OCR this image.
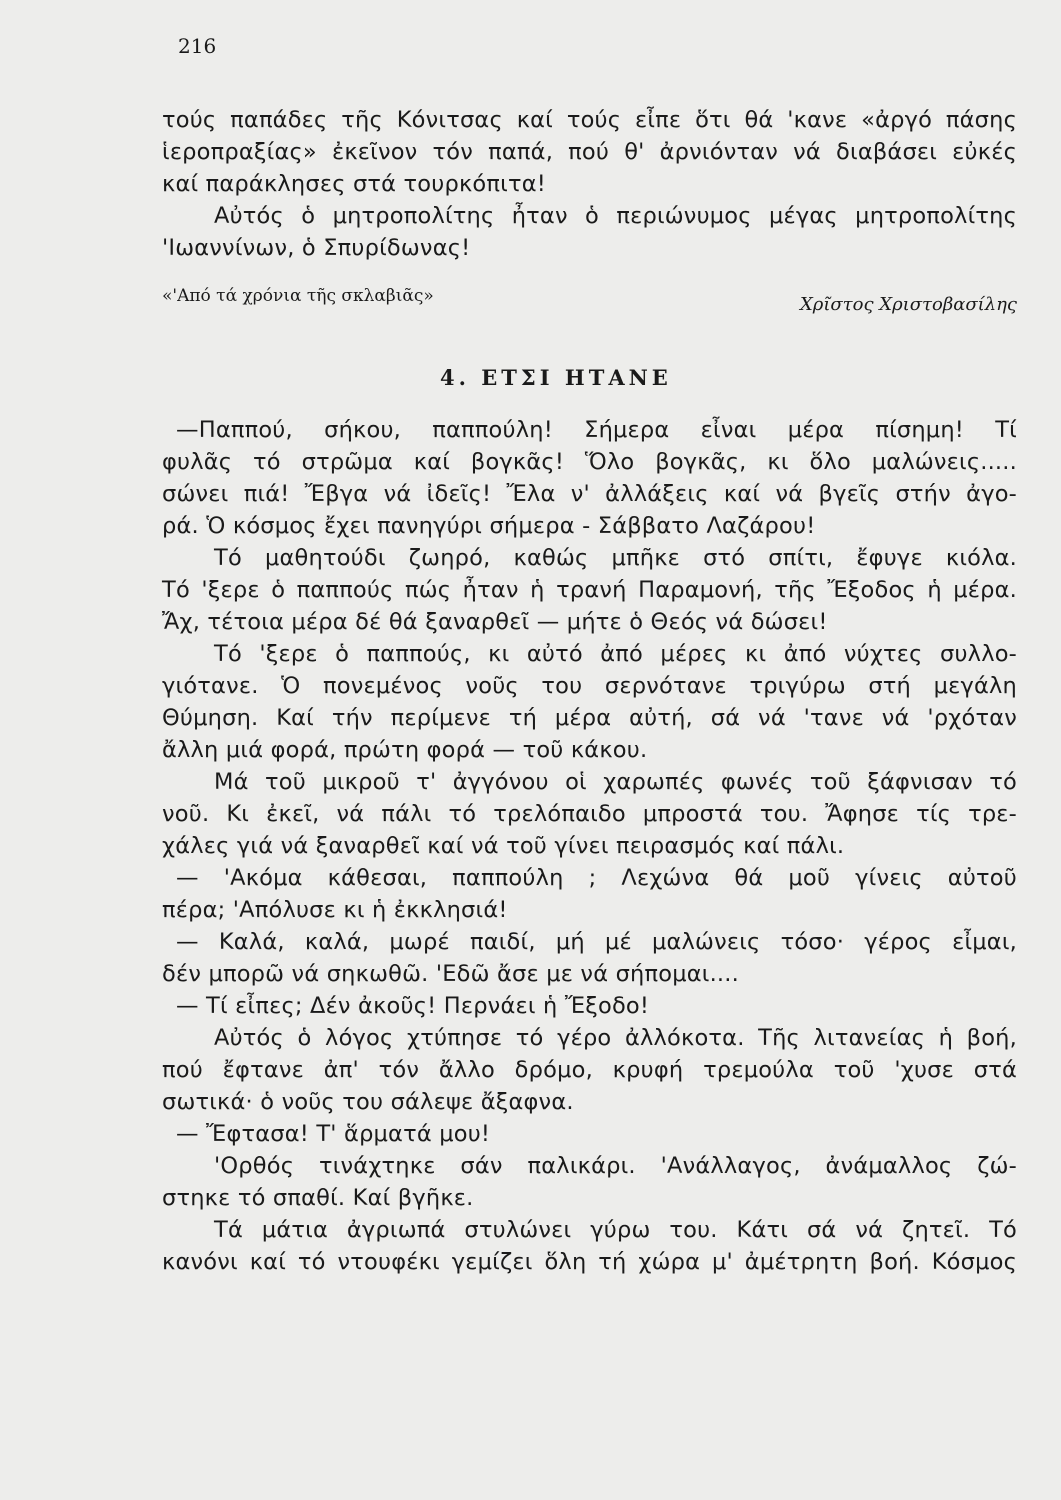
216
τούς παπάδες τῆς Κόνιτσας καί τούς εἶπε ὅτι θά 'κανε «ἀργό πάσης
ἱεροπραξίας» ἐκεῖνον τόν παπά, πού θ' ἀρνιόνταν νά διαβάσει εὐκές
καί παράκλησες στά τουρκόπιτα!
Αὐτός ὁ μητροπολίτης ἦταν ὁ περιώνυμος μέγας μητροπολίτης
'Ιωαννίνων, ὁ Σπυρίδωνας!
«'Από τά χρόνια τῆς σκλαβιᾶς»	Χρῖστος Χριστοβασίλης
4. ΕΤΣΙ ΗΤΑΝΕ
—Παππού, σήκου, παππούλη! Σήμερα εἶναι μέρα πίσημη! Τί
φυλᾶς τό στρῶμα καί βογκᾶς! Ὅλο βογκᾶς, κι ὅλο μαλώνεις.....
σώνει πιά! Ἔβγα νά ἰδεῖς! Ἔλα ν' ἀλλάξεις καί νά βγεῖς στήν ἀγο-
ρά. Ὁ κόσμος ἔχει πανηγύρι σήμερα - Σάββατο Λαζάρου!
Τό μαθητούδι ζωηρό, καθώς μπῆκε στό σπίτι, ἔφυγε κιόλα.
Τό 'ξερε ὁ παππούς πώς ἦταν ἡ τρανή Παραμονή, τῆς Ἔξοδος ἡ μέρα.
Ἄχ, τέτοια μέρα δέ θά ξαναρθεῖ — μήτε ὁ Θεός νά δώσει!
Τό 'ξερε ὁ παππούς, κι αὐτό ἀπό μέρες κι ἀπό νύχτες συλλο-
γιότανε. Ὁ πονεμένος νοῦς του σερνότανε τριγύρω στή μεγάλη
Θύμηση. Καί τήν περίμενε τή μέρα αὐτή, σά νά 'τανε νά 'ρχόταν
ἄλλη μιά φορά, πρώτη φορά — τοῦ κάκου.
Μά τοῦ μικροῦ τ' ἀγγόνου οἱ χαρωπές φωνές τοῦ ξάφνισαν τό
νοῦ. Κι ἐκεῖ, νά πάλι τό τρελόπαιδο μπροστά του. Ἄφησε τίς τρε-
χάλες γιά νά ξαναρθεῖ καί νά τοῦ γίνει πειρασμός καί πάλι.
— 'Ακόμα κάθεσαι, παππούλη ; Λεχώνα θά μοῦ γίνεις αὐτοῦ
πέρα; 'Απόλυσε κι ἡ ἐκκλησιά!
— Καλά, καλά, μωρέ παιδί, μή μέ μαλώνεις τόσο· γέρος εἶμαι,
δέν μπορῶ νά σηκωθῶ. 'Εδῶ ἄσε με νά σήπομαι....
— Τί εἶπες; Δέν ἀκοῦς! Περνάει ἡ Ἔξοδο!
Αὐτός ὁ λόγος χτύπησε τό γέρο ἀλλόκοτα. Τῆς λιτανείας ἡ βοή,
πού ἔφτανε ἀπ' τόν ἄλλο δρόμο, κρυφή τρεμούλα τοῦ 'χυσε στά
σωτικά· ὁ νοῦς του σάλεψε ἄξαφνα.
— Ἔφτασα! Τ' ἅρματά μου!
'Ορθός τινάχτηκε σάν παλικάρι. 'Ανάλλαγος, ἀνάμαλλος ζώ-
στηκε τό σπαθί. Καί βγῆκε.
Τά μάτια ἀγριωπά στυλώνει γύρω του. Κάτι σά νά ζητεῖ. Τό
κανόνι καί τό ντουφέκι γεμίζει ὅλη τή χώρα μ' ἀμέτρητη βοή. Κόσμος
